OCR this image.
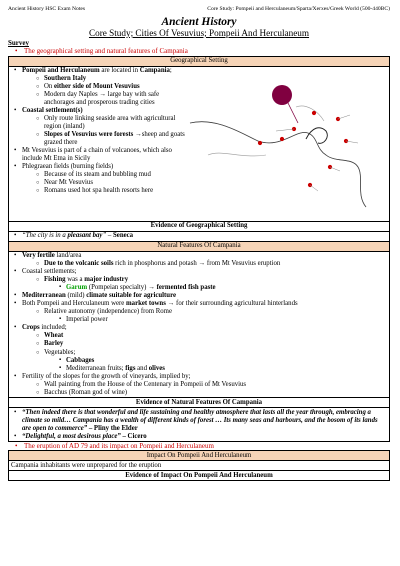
Ancient History HSC Exam Notes	Core Study: Pompeii and Herculaneum/Sparta/Xerxes/Greek World (500-440BC)
Ancient History
Core Study; Cities Of Vesuvius; Pompeii And Herculaneum
Survey
• The geographical setting and natural features of Campania
Geographical Setting

• Pompeii and Herculaneum are located in Campania;
○ Southern Italy
○ On either side of Mount Vesuvius
○ Modern day Naples → large bay with safe anchorages and prosperous trading cities
• Coastal settlement(s)
○ Only route linking seaside area with agricultural region (inland)
○ Slopes of Vesuvius were forests →sheep and goats grazed there
• Mt Vesuvius is part of a chain of volcanoes, which also include Mt Etna in Sicily
• Phlegraean fields (burning fields)
○ Because of its steam and bubbling mud
○ Near Mt Vesuvius
○ Romans used hot spa health resorts here

Evidence of Geographical Setting

• “The city is in a pleasant bay” – Seneca

Natural Features Of Campania

• Very fertile land/area
○ Due to the volcanic soils rich in phosphorus and potash → from Mt Vesuvius eruption
• Coastal settlements;
○ Fishing was a major industry
▪ Garum (Pompeian specialty) → fermented fish paste
• Mediterranean (mild) climate suitable for agriculture
• Both Pompeii and Herculaneum were market towns → for their surrounding agricultural hinterlands
○ Relative autonomy (independence) from Rome
▪ Imperial power
• Crops included;
○ Wheat
○ Barley
○ Vegetables;
▪ Cabbages
▪ Mediterranean fruits; figs and olives
• Fertility of the slopes for the growth of vineyards, implied by;
○ Wall painting from the House of the Centenary in Pompeii of Mt Vesuvius
○ Bacchus (Roman god of wine)

Evidence of Natural Features Of Campania

• “Then indeed there is that wonderful and life sustaining and healthy atmosphere that lasts all the year through, embracing a climate so mild… Campania has a wealth of different kinds of forest … Its many seas and harbours, and the bosom of its lands are open to commerce” – Pliny the Elder
• “Delightful, a most desirous place” – Cicero
• The eruption of AD 79 and its impact on Pompeii and Herculaneum
Impact On Pompeii And Herculaneum
Campania inhabitants were unprepared for the eruption
Evidence of Impact On Pompeii And Herculaneum
